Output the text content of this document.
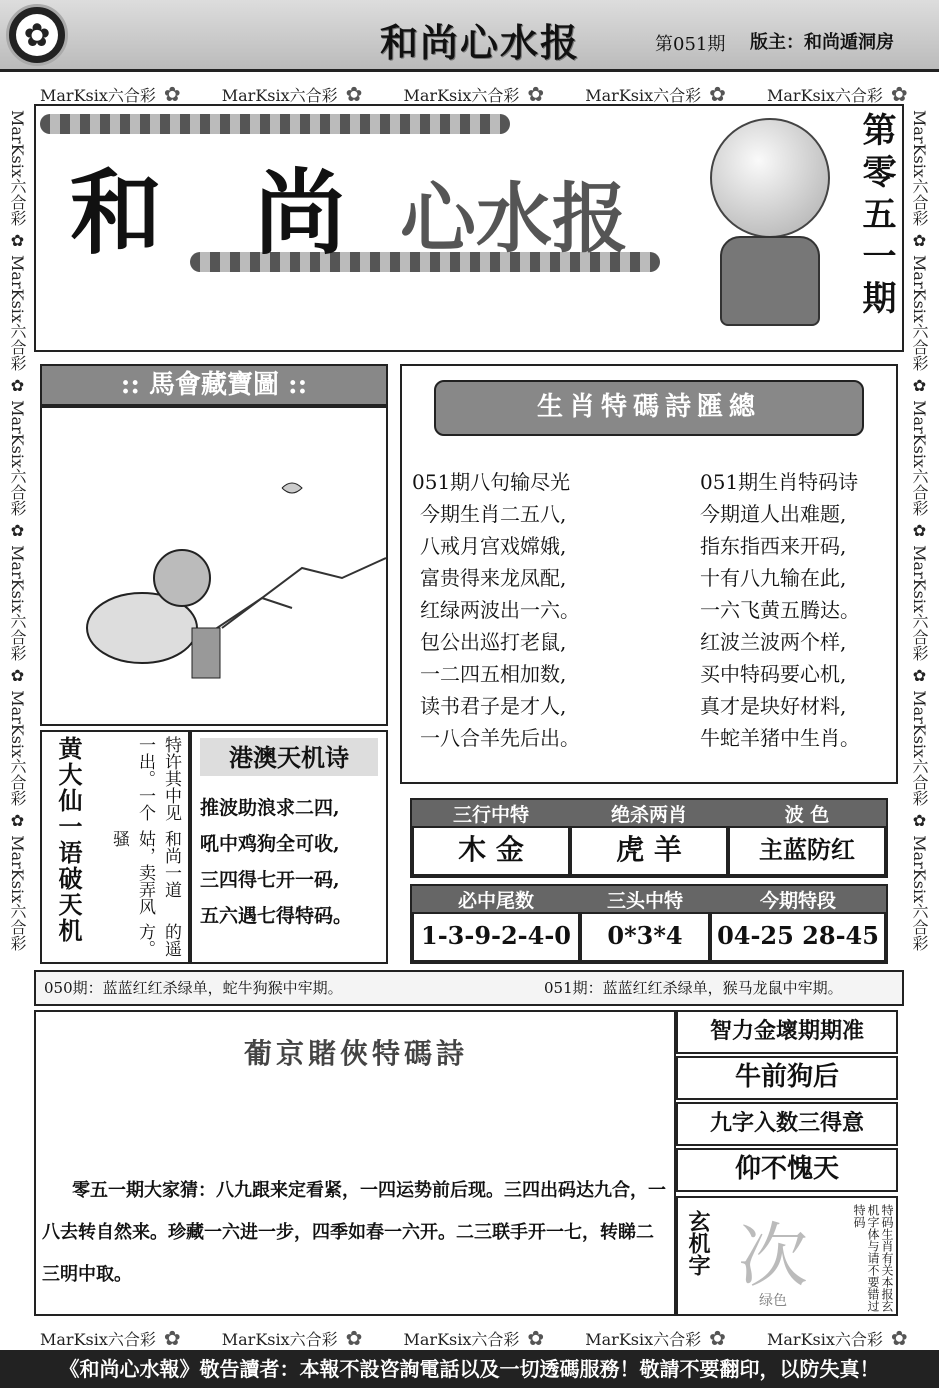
✿	和尚心水报	第051期 版主：和尚遁洞房
MarKsix六合彩 ✿	MarKsix六合彩 ✿	MarKsix六合彩 ✿	MarKsix六合彩 ✿	MarKsix六合彩 ✿
MarKsix六合彩 ✿	MarKsix六合彩 ✿	MarKsix六合彩 ✿	MarKsix六合彩 ✿	MarKsix六合彩 ✿
MarKsix六合彩 ✿ MarKsix六合彩 ✿ MarKsix六合彩 ✿ MarKsix六合彩 ✿ MarKsix六合彩 ✿ MarKsix六合彩
MarKsix六合彩 ✿ MarKsix六合彩 ✿ MarKsix六合彩 ✿ MarKsix六合彩 ✿ MarKsix六合彩 ✿ MarKsix六合彩
和 尚 心水报	第零五一期
:: 馬會藏寶圖 ::
生肖特碼詩匯總
051期八句输尽光
今期生肖二五八,
八戒月宫戏嫦娥,
富贵得来龙凤配,
红绿两波出一六。
包公出巡打老鼠,
一二四五相加数,
读书君子是才人,
一八合羊先后出。
051期生肖特码诗
今期道人出难题,
指东指西来开码,
十有八九输在此,
一六飞黄五腾达。
红波兰波两个样,
买中特码要心机,
真才是块好材料,
牛蛇羊猪中生肖。
黄大仙一语破天机	特许其中见一出。一个
和尚一道姑，卖弄风骚
的遥方。
港澳天机诗
推波助浪求二四,
吼中鸡狗全可收,
三四得七开一码,
五六遇七得特码。
三行中特	绝杀两肖	波 色
木 金	虎 羊	主蓝防红
必中尾数	三头中特	今期特段
1-3-9-2-4-0	0*3*4	04-25 28-45
050期：蓝蓝红红杀绿单，蛇牛狗猴中牢期。	051期：蓝蓝红红杀绿单，猴马龙鼠中牢期。
葡京賭俠特碼詩
零五一期大家猜：八九跟来定看紧，一四运势前后现。三四出码达九合，一八去转自然来。珍藏一六进一步，四季如春一六开。二三联手开一七，转睇二三明中取。
智力金壞期期准
牛前狗后
九字入数三得意
仰不愧天
玄机字 次
绿色	特码生肖有关本报玄机字体与请不要错过特码
《和尚心水報》敬告讀者：本報不設咨詢電話以及一切透碼服務！敬請不要翻印，以防失真！
